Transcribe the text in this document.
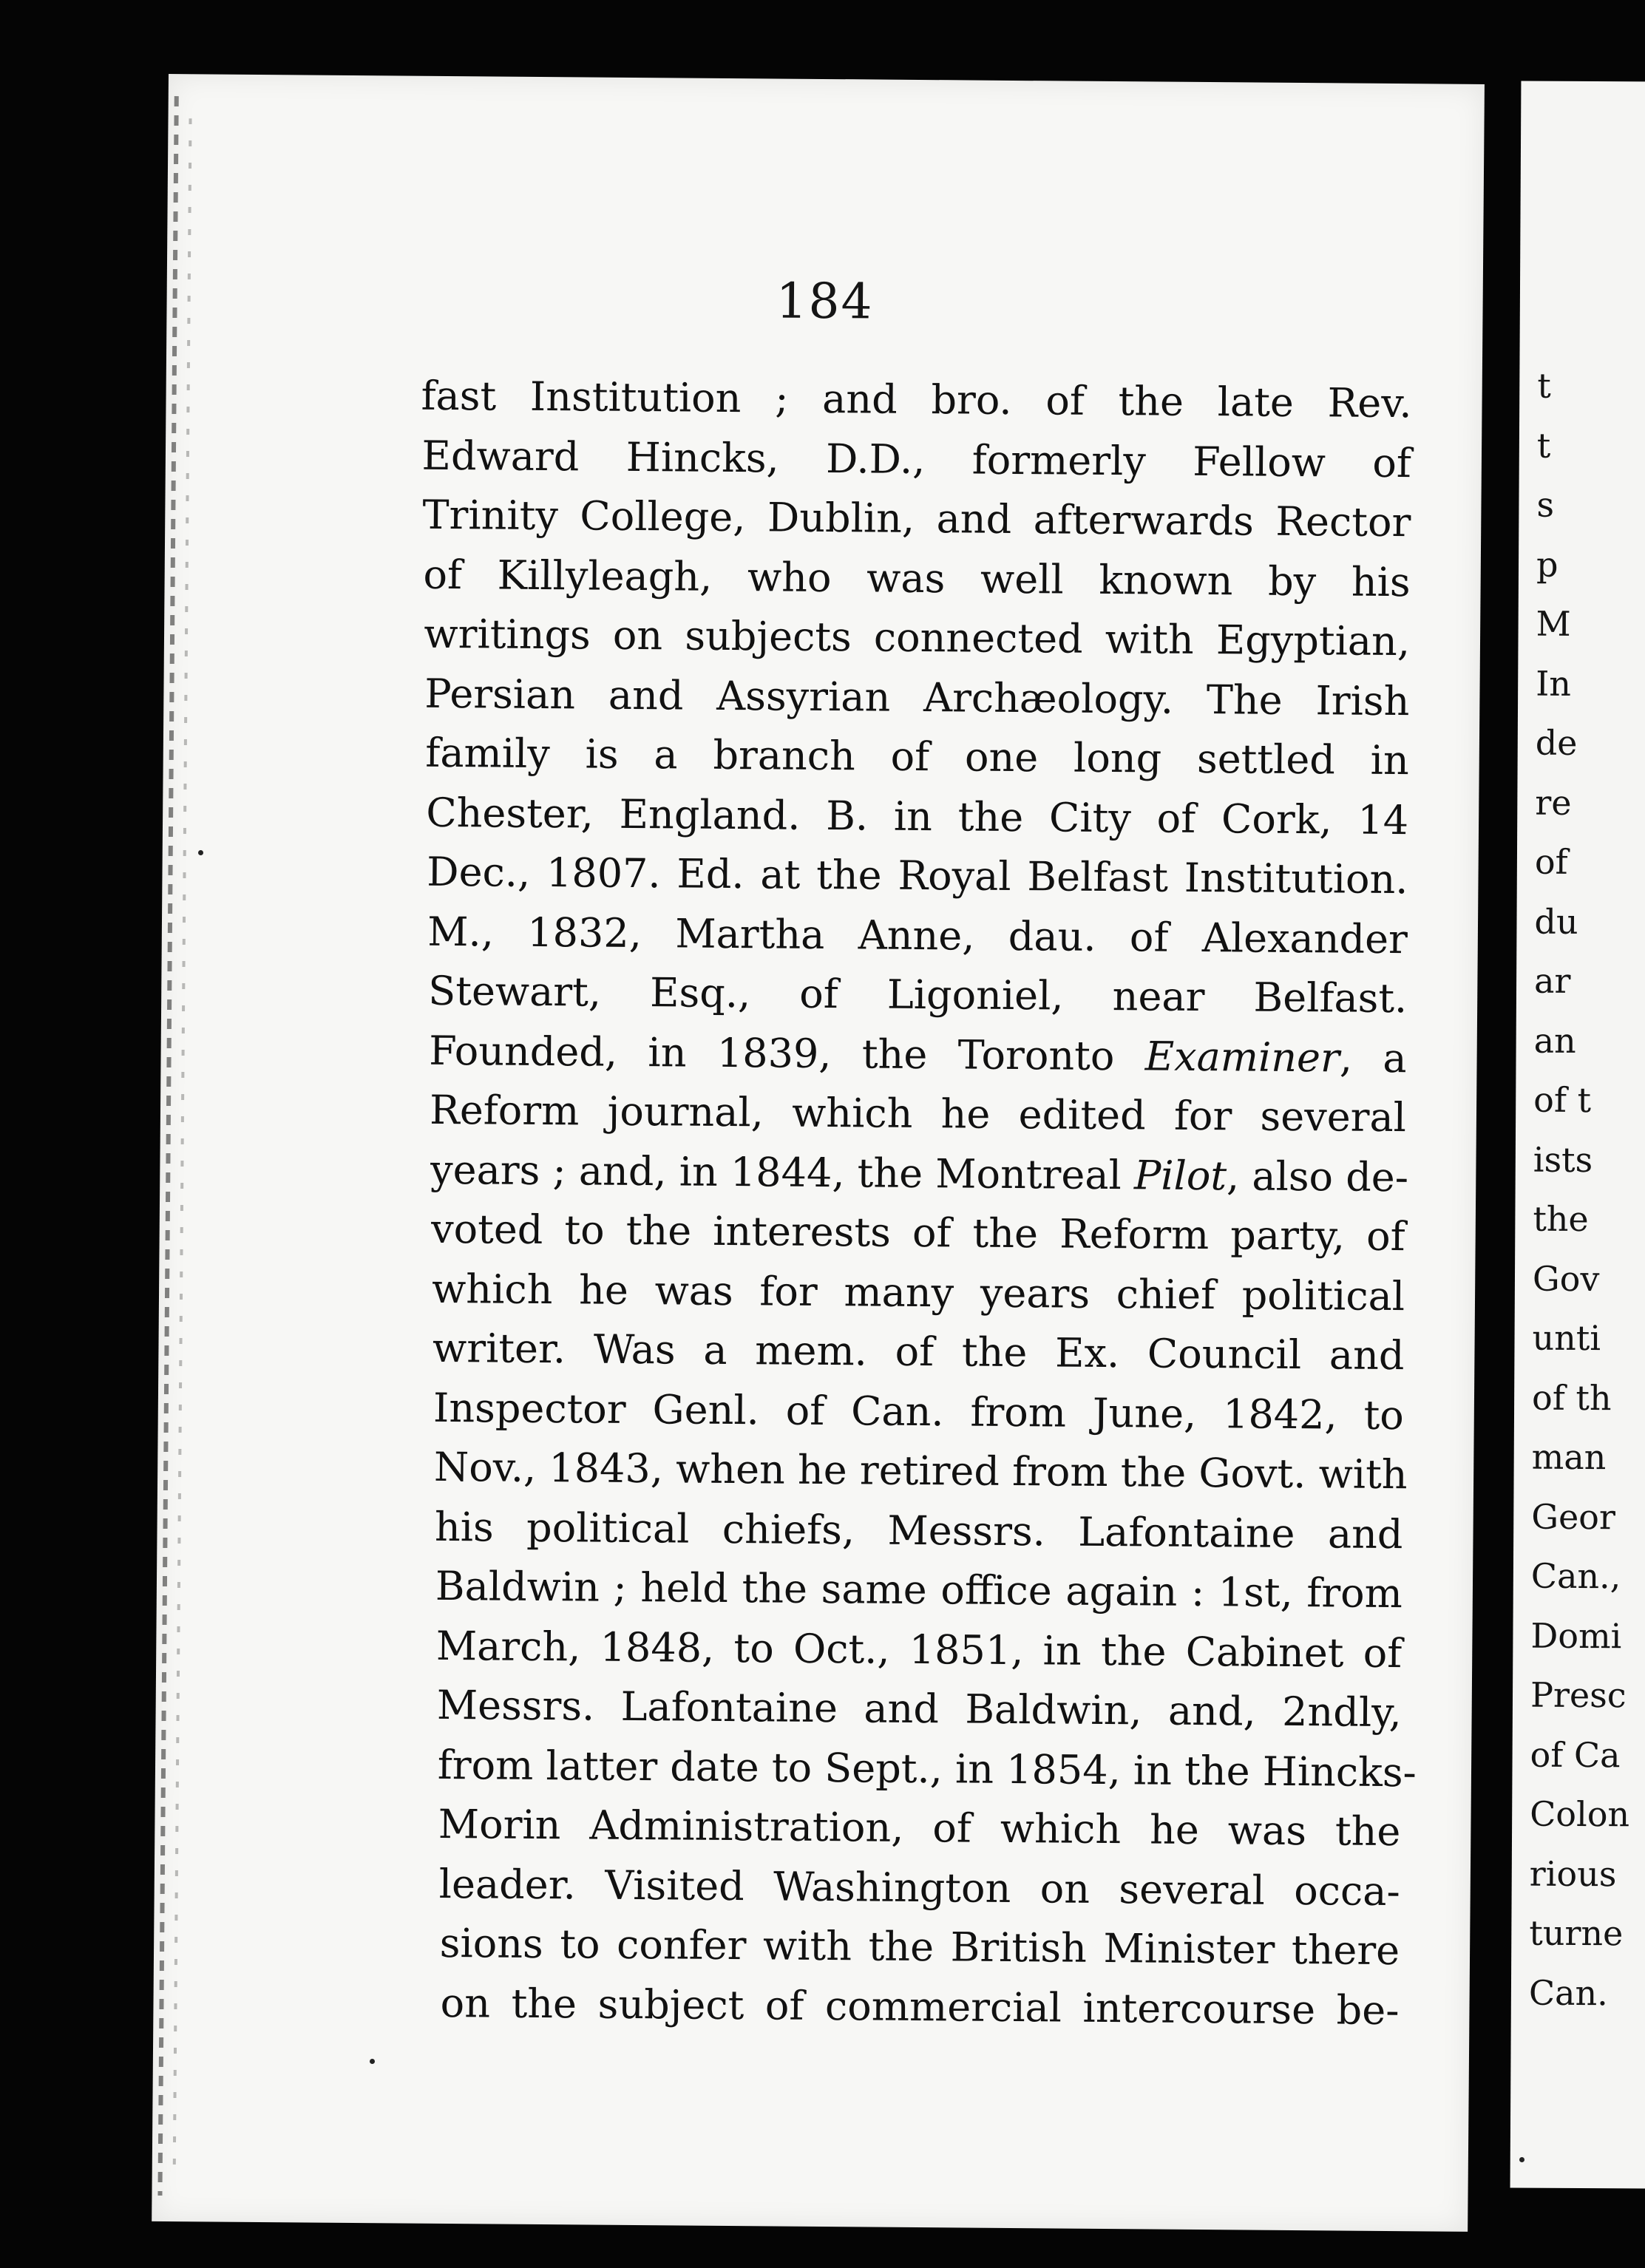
184
fast Institution ; and bro. of the late Rev.
Edward Hincks, D.D., formerly Fellow of
Trinity College, Dublin, and afterwards Rector
of Killyleagh, who was well known by his
writings on subjects connected with Egyptian,
Persian and Assyrian Archæology. The Irish
family is a branch of one long settled in
Chester, England. B. in the City of Cork, 14
Dec., 1807. Ed. at the Royal Belfast Institution.
M., 1832, Martha Anne, dau. of Alexander
Stewart, Esq., of Ligoniel, near Belfast.
Founded, in 1839, the Toronto Examiner, a
Reform journal, which he edited for several
years ; and, in 1844, the Montreal Pilot, also de-
voted to the interests of the Reform party, of
which he was for many years chief political
writer. Was a mem. of the Ex. Council and
Inspector Genl. of Can. from June, 1842, to
Nov., 1843, when he retired from the Govt. with
his political chiefs, Messrs. Lafontaine and
Baldwin ; held the same office again : 1st, from
March, 1848, to Oct., 1851, in the Cabinet of
Messrs. Lafontaine and Baldwin, and, 2ndly,
from latter date to Sept., in 1854, in the Hincks-
Morin Administration, of which he was the
leader. Visited Washington on several occa-
sions to confer with the British Minister there
on the subject of commercial intercourse be-
t
t
s
p
M
In
de
re
of
du
ar
an
of t
ists
the
Gov
unti
of th
man
Geor
Can.,
Domi
Presc
of Ca
Colon
rious
turne
Can.
